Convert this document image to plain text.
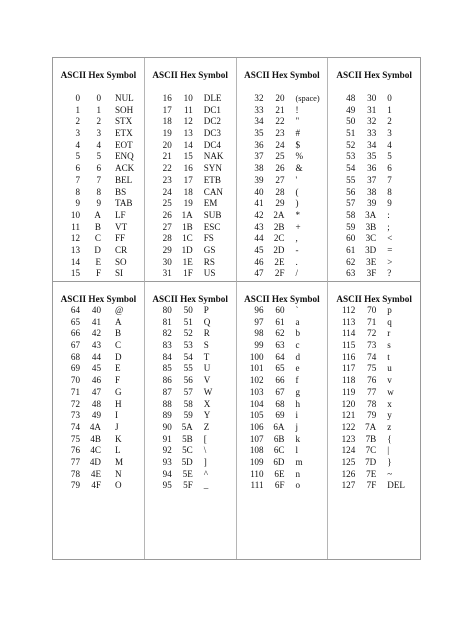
ASCII Hex Symbol
0 0 NUL
1 1 SOH
2 2 STX
3 3 ETX
4 4 EOT
5 5 ENQ
6 6 ACK
7 7 BEL
8 8 BS
9 9 TAB
10 A LF
11 B VT
12 C FF
13 D CR
14 E SO
15 F SI
ASCII Hex Symbol
16 10 DLE
17 11 DC1
18 12 DC2
19 13 DC3
20 14 DC4
21 15 NAK
22 16 SYN
23 17 ETB
24 18 CAN
25 19 EM
26 1A SUB
27 1B ESC
28 1C FS
29 1D GS
30 1E RS
31 1F US
ASCII Hex Symbol
32 20 (space)
33 21 !
34 22 "
35 23 #
36 24 $
37 25 %
38 26 &
39 27 '
40 28 (
41 29 )
42 2A *
43 2B +
44 2C ,
45 2D -
46 2E .
47 2F /
ASCII Hex Symbol
48 30 0
49 31 1
50 32 2
51 33 3
52 34 4
53 35 5
54 36 6
55 37 7
56 38 8
57 39 9
58 3A :
59 3B ;
60 3C <
61 3D =
62 3E >
63 3F ?
ASCII Hex Symbol
64 40 @
65 41 A
66 42 B
67 43 C
68 44 D
69 45 E
70 46 F
71 47 G
72 48 H
73 49 I
74 4A J
75 4B K
76 4C L
77 4D M
78 4E N
79 4F O
ASCII Hex Symbol
80 50 P
81 51 Q
82 52 R
83 53 S
84 54 T
85 55 U
86 56 V
87 57 W
88 58 X
89 59 Y
90 5A Z
91 5B [
92 5C \
93 5D ]
94 5E ^
95 5F _
ASCII Hex Symbol
96 60 `
97 61 a
98 62 b
99 63 c
100 64 d
101 65 e
102 66 f
103 67 g
104 68 h
105 69 i
106 6A j
107 6B k
108 6C l
109 6D m
110 6E n
111 6F o
ASCII Hex Symbol
112 70 p
113 71 q
114 72 r
115 73 s
116 74 t
117 75 u
118 76 v
119 77 w
120 78 x
121 79 y
122 7A z
123 7B {
124 7C |
125 7D }
126 7E ~
127 7F DEL
